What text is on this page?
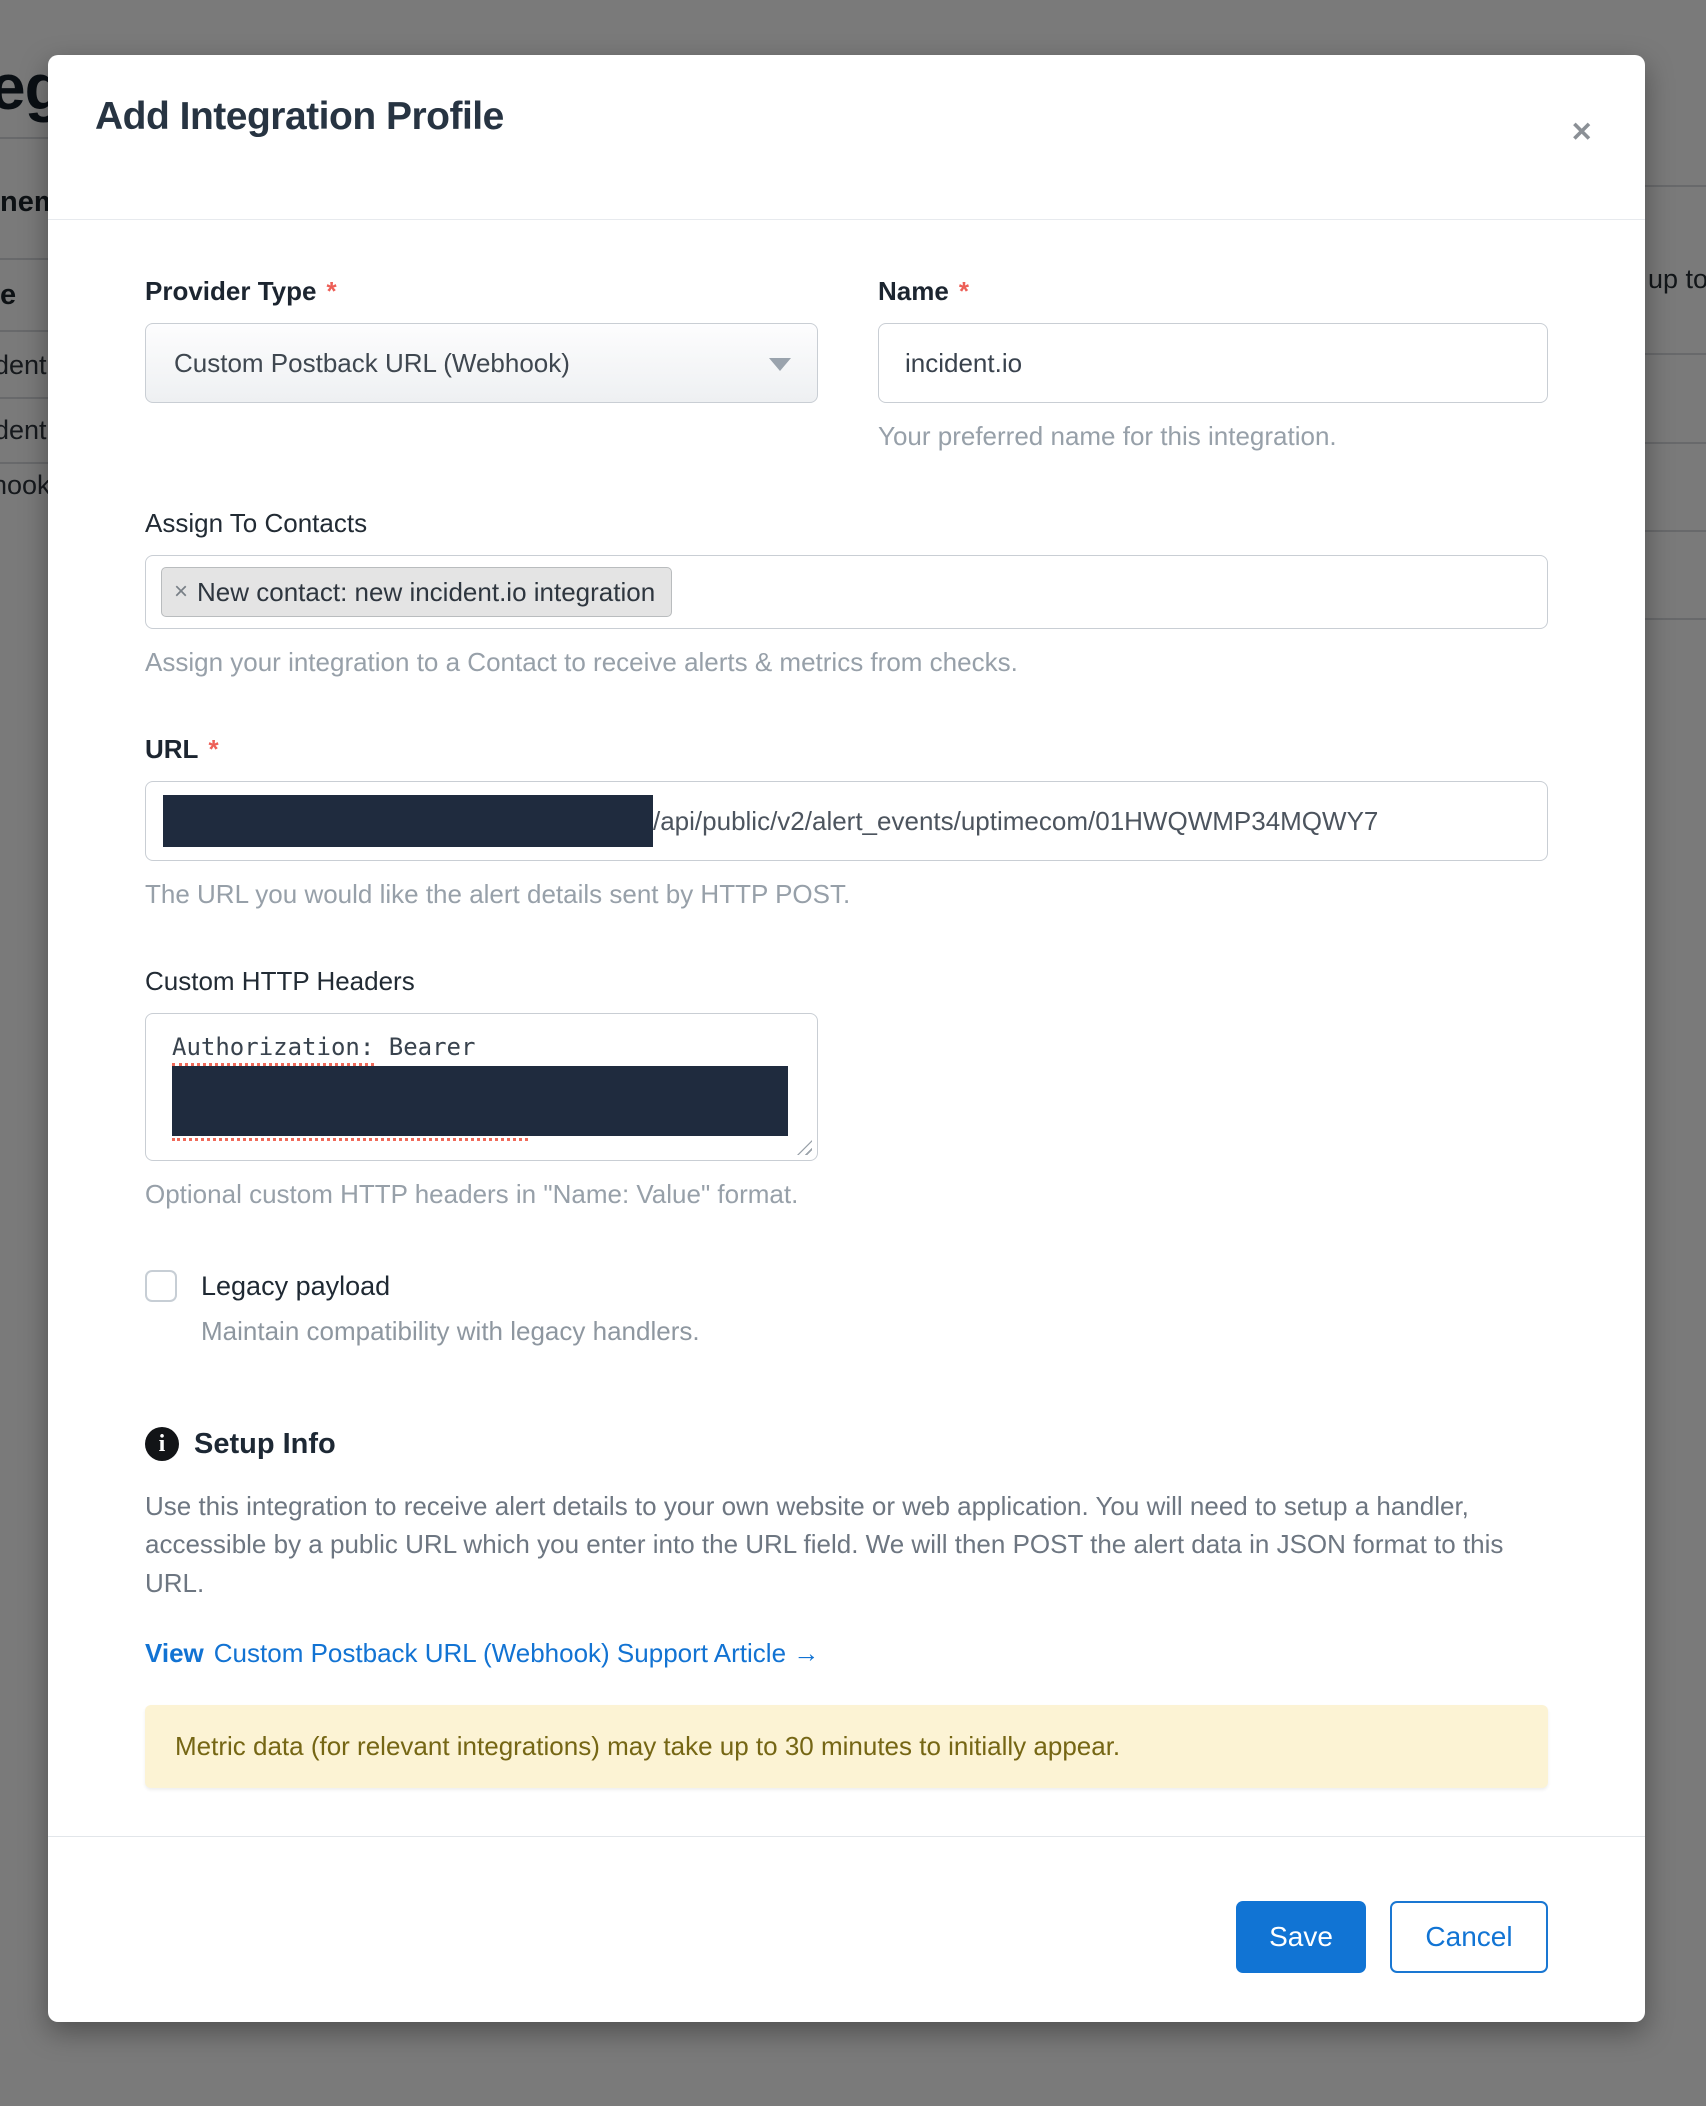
Add Integration Profile	✕
Provider Type *
Custom Postback URL (Webhook)
Name *
incident.io
Your preferred name for this integration.
Assign To Contacts
× New contact: new incident.io integration
Assign your integration to a Contact to receive alerts & metrics from checks.
URL *
/api/public/v2/alert_events/uptimecom/01HWQWMP34MQWY7
The URL you would like the alert details sent by HTTP POST.
Custom HTTP Headers
Authorization: Bearer
Optional custom HTTP headers in "Name: Value" format.
Legacy payload
Maintain compatibility with legacy handlers.
i Setup Info
Use this integration to receive alert details to your own website or web application. You will need to setup a handler, accessible by a public URL which you enter into the URL field. We will then POST the alert data in JSON format to this URL.
View Custom Postback URL (Webhook) Support Article →
Metric data (for relevant integrations) may take up to 30 minutes to initially appear.
Save	Cancel
